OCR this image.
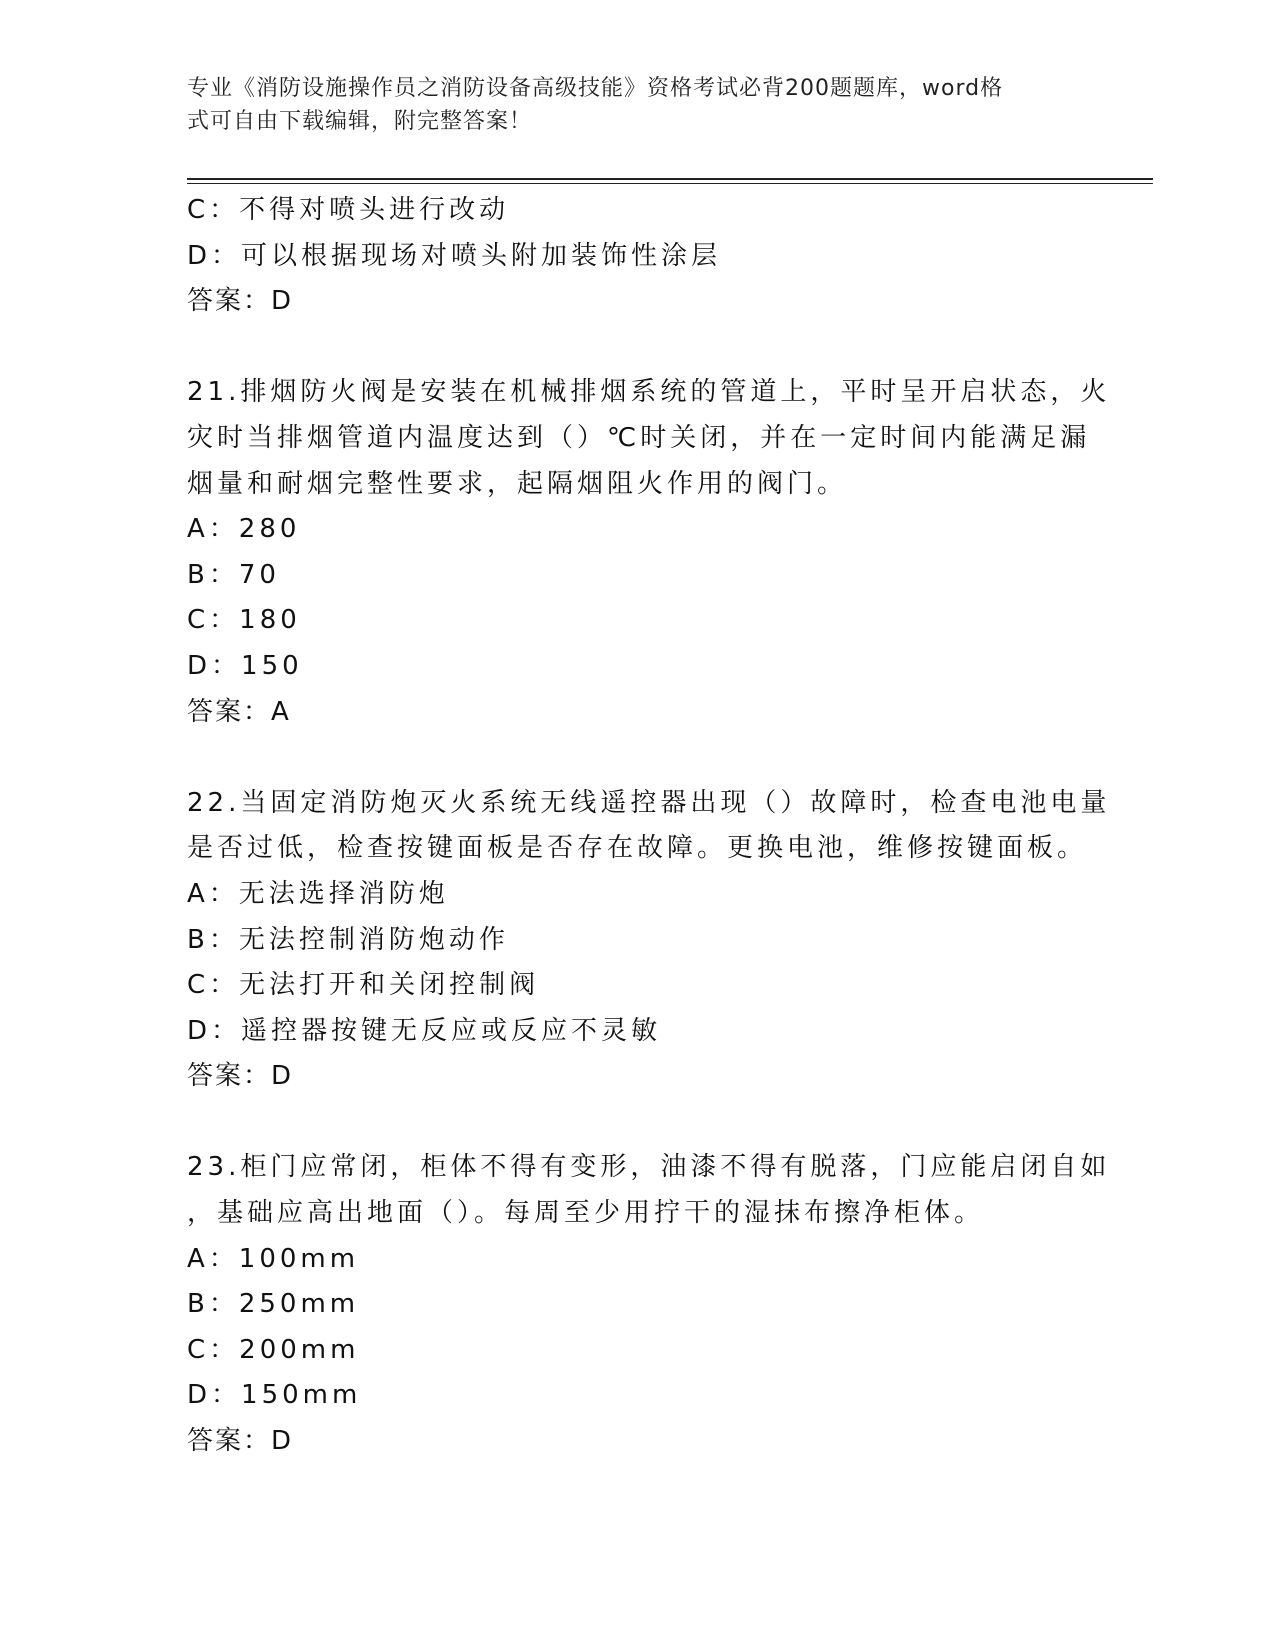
专业《消防设施操作员之消防设备高级技能》资格考试必背200题题库，word格
式可自由下载编辑，附完整答案！
C：不得对喷头进行改动
D：可以根据现场对喷头附加装饰性涂层
答案：D
21.排烟防火阀是安装在机械排烟系统的管道上，平时呈开启状态，火
灾时当排烟管道内温度达到（）℃时关闭，并在一定时间内能满足漏
烟量和耐烟完整性要求，起隔烟阻火作用的阀门。
A：280
B：70
C：180
D：150
答案：A
22.当固定消防炮灭火系统无线遥控器出现（）故障时，检查电池电量
是否过低，检查按键面板是否存在故障。更换电池，维修按键面板。
A：无法选择消防炮
B：无法控制消防炮动作
C：无法打开和关闭控制阀
D：遥控器按键无反应或反应不灵敏
答案：D
23.柜门应常闭，柜体不得有变形，油漆不得有脱落，门应能启闭自如
，基础应高出地面（）。每周至少用拧干的湿抹布擦净柜体。
A：100mm
B：250mm
C：200mm
D：150mm
答案：D
